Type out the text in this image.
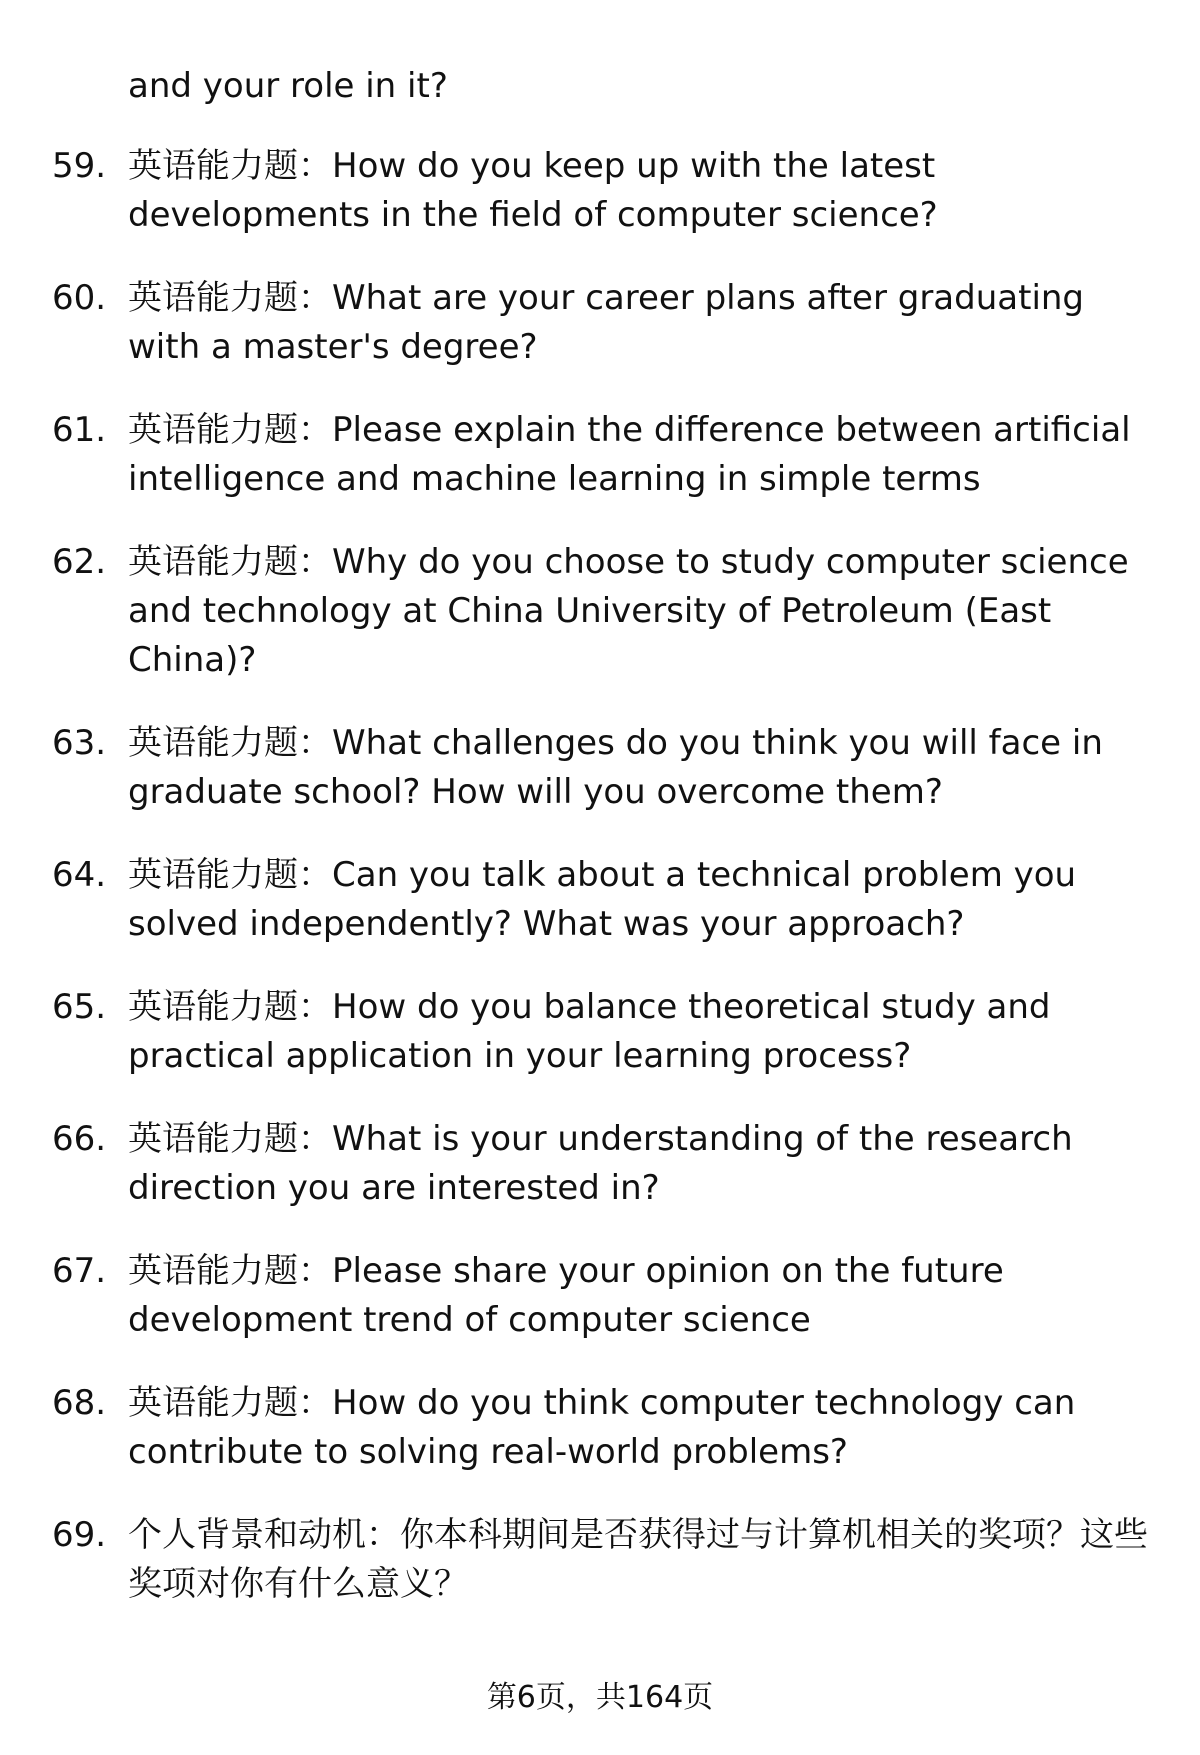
and your role in it?
59. 英语能力题：How do you keep up with the latest developments in the field of computer science?
60. 英语能力题：What are your career plans after graduating with a master's degree?
61. 英语能力题：Please explain the difference between artificial intelligence and machine learning in simple terms
62. 英语能力题：Why do you choose to study computer science and technology at China University of Petroleum (East China)?
63. 英语能力题：What challenges do you think you will face in graduate school? How will you overcome them?
64. 英语能力题：Can you talk about a technical problem you solved independently? What was your approach?
65. 英语能力题：How do you balance theoretical study and practical application in your learning process?
66. 英语能力题：What is your understanding of the research direction you are interested in?
67. 英语能力题：Please share your opinion on the future development trend of computer science
68. 英语能力题：How do you think computer technology can contribute to solving real-world problems?
69. 个人背景和动机：你本科期间是否获得过与计算机相关的奖项？这些奖项对你有什么意义？
第6页，共164页
